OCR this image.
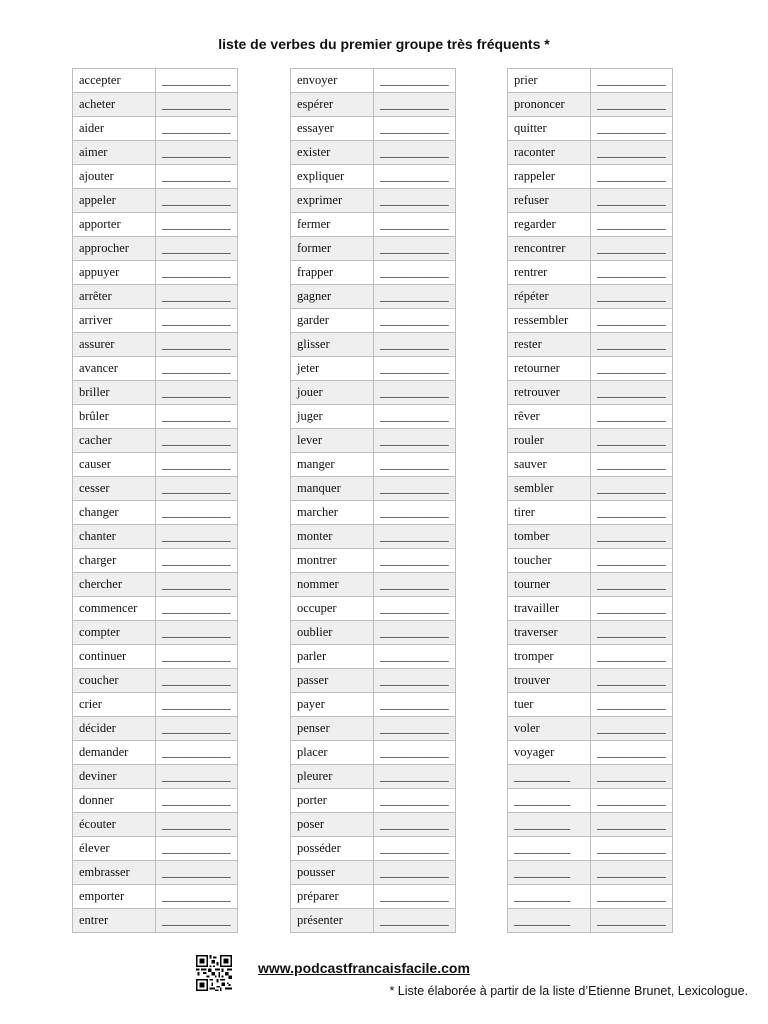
liste de verbes du premier groupe très fréquents *
accepter	___________
acheter	___________
aider	___________
aimer	___________
ajouter	___________
appeler	___________
apporter	___________
approcher	___________
appuyer	___________
arrêter	___________
arriver	___________
assurer	___________
avancer	___________
briller	___________
brûler	___________
cacher	___________
causer	___________
cesser	___________
changer	___________
chanter	___________
charger	___________
chercher	___________
commencer	___________
compter	___________
continuer	___________
coucher	___________
crier	___________
décider	___________
demander	___________
deviner	___________
donner	___________
écouter	___________
élever	___________
embrasser	___________
emporter	___________
entrer	___________
envoyer	___________
espérer	___________
essayer	___________
exister	___________
expliquer	___________
exprimer	___________
fermer	___________
former	___________
frapper	___________
gagner	___________
garder	___________
glisser	___________
jeter	___________
jouer	___________
juger	___________
lever	___________
manger	___________
manquer	___________
marcher	___________
monter	___________
montrer	___________
nommer	___________
occuper	___________
oublier	___________
parler	___________
passer	___________
payer	___________
penser	___________
placer	___________
pleurer	___________
porter	___________
poser	___________
posséder	___________
pousser	___________
préparer	___________
présenter	___________
prier	___________
prononcer	___________
quitter	___________
raconter	___________
rappeler	___________
refuser	___________
regarder	___________
rencontrer	___________
rentrer	___________
répéter	___________
ressembler	___________
rester	___________
retourner	___________
retrouver	___________
rêver	___________
rouler	___________
sauver	___________
sembler	___________
tirer	___________
tomber	___________
toucher	___________
tourner	___________
travailler	___________
traverser	___________
tromper	___________
trouver	___________
tuer	___________
voler	___________
voyager	___________
_________	___________
_________	___________
_________	___________
_________	___________
_________	___________
_________	___________
_________	___________
www.podcastfrancaisfacile.com
* Liste élaborée à partir de la liste d’Etienne Brunet, Lexicologue.
